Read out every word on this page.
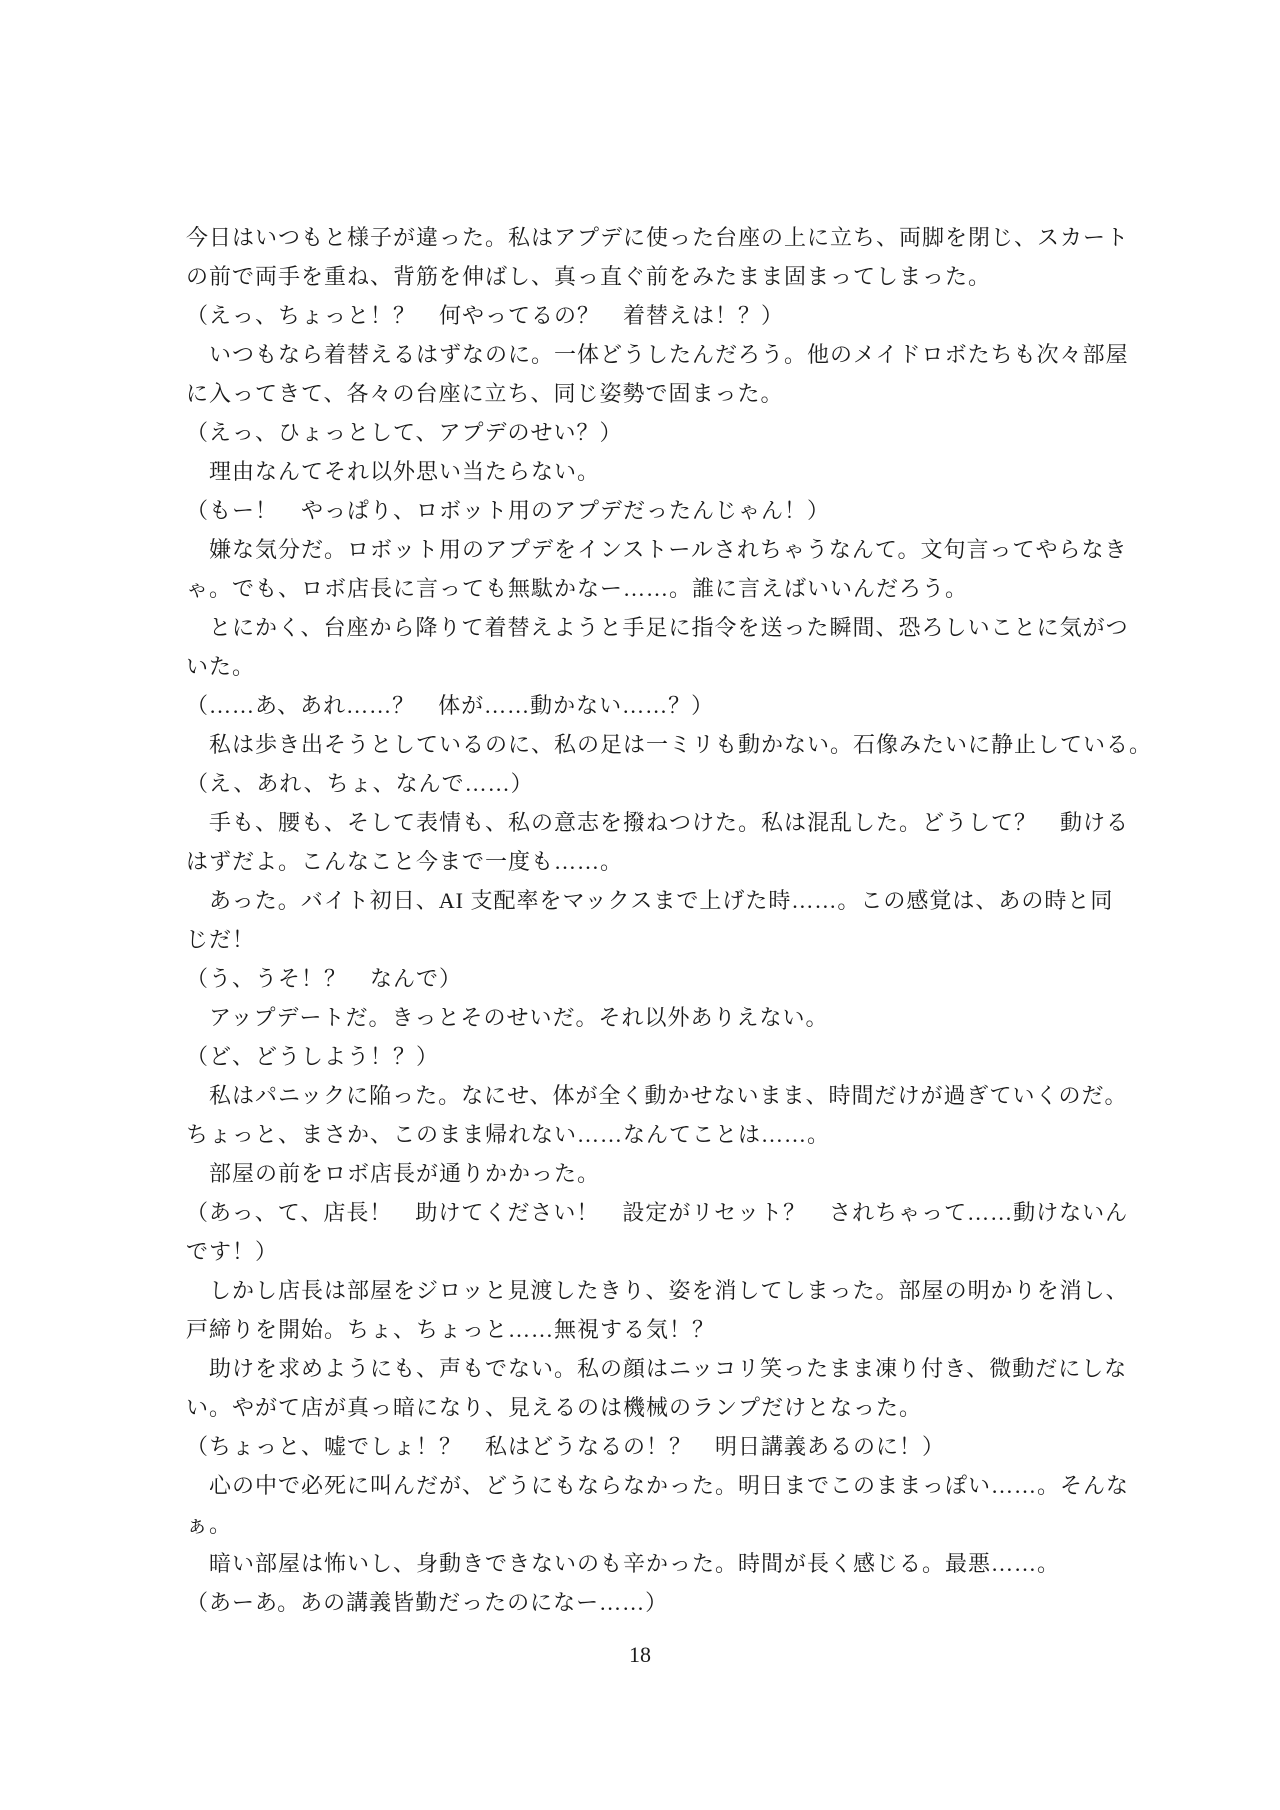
今日はいつもと様子が違った。私はアプデに使った台座の上に立ち、両脚を閉じ、スカート
の前で両手を重ね、背筋を伸ばし、真っ直ぐ前をみたまま固まってしまった。
（えっ、ちょっと！？　何やってるの？　着替えは！？）
　いつもなら着替えるはずなのに。一体どうしたんだろう。他のメイドロボたちも次々部屋
に入ってきて、各々の台座に立ち、同じ姿勢で固まった。
（えっ、ひょっとして、アプデのせい？）
　理由なんてそれ以外思い当たらない。
（もー！　やっぱり、ロボット用のアプデだったんじゃん！）
　嫌な気分だ。ロボット用のアプデをインストールされちゃうなんて。文句言ってやらなき
ゃ。でも、ロボ店長に言っても無駄かなー……。誰に言えばいいんだろう。
　とにかく、台座から降りて着替えようと手足に指令を送った瞬間、恐ろしいことに気がつ
いた。
（……あ、あれ……？　体が……動かない……？）
　私は歩き出そうとしているのに、私の足は一ミリも動かない。石像みたいに静止している。
（え、あれ、ちょ、なんで……）
　手も、腰も、そして表情も、私の意志を撥ねつけた。私は混乱した。どうして？　動ける
はずだよ。こんなこと今まで一度も……。
　あった。バイト初日、AI 支配率をマックスまで上げた時……。この感覚は、あの時と同
じだ！
（う、うそ！？　なんで）
　アップデートだ。きっとそのせいだ。それ以外ありえない。
（ど、どうしよう！？）
　私はパニックに陥った。なにせ、体が全く動かせないまま、時間だけが過ぎていくのだ。
ちょっと、まさか、このまま帰れない……なんてことは……。
　部屋の前をロボ店長が通りかかった。
（あっ、て、店長！　助けてください！　設定がリセット？　されちゃって……動けないん
です！）
　しかし店長は部屋をジロッと見渡したきり、姿を消してしまった。部屋の明かりを消し、
戸締りを開始。ちょ、ちょっと……無視する気！？
　助けを求めようにも、声もでない。私の顔はニッコリ笑ったまま凍り付き、微動だにしな
い。やがて店が真っ暗になり、見えるのは機械のランプだけとなった。
（ちょっと、嘘でしょ！？　私はどうなるの！？　明日講義あるのに！）
　心の中で必死に叫んだが、どうにもならなかった。明日までこのままっぽい……。そんな
ぁ。
　暗い部屋は怖いし、身動きできないのも辛かった。時間が長く感じる。最悪……。
（あーあ。あの講義皆勤だったのになー……）
18
